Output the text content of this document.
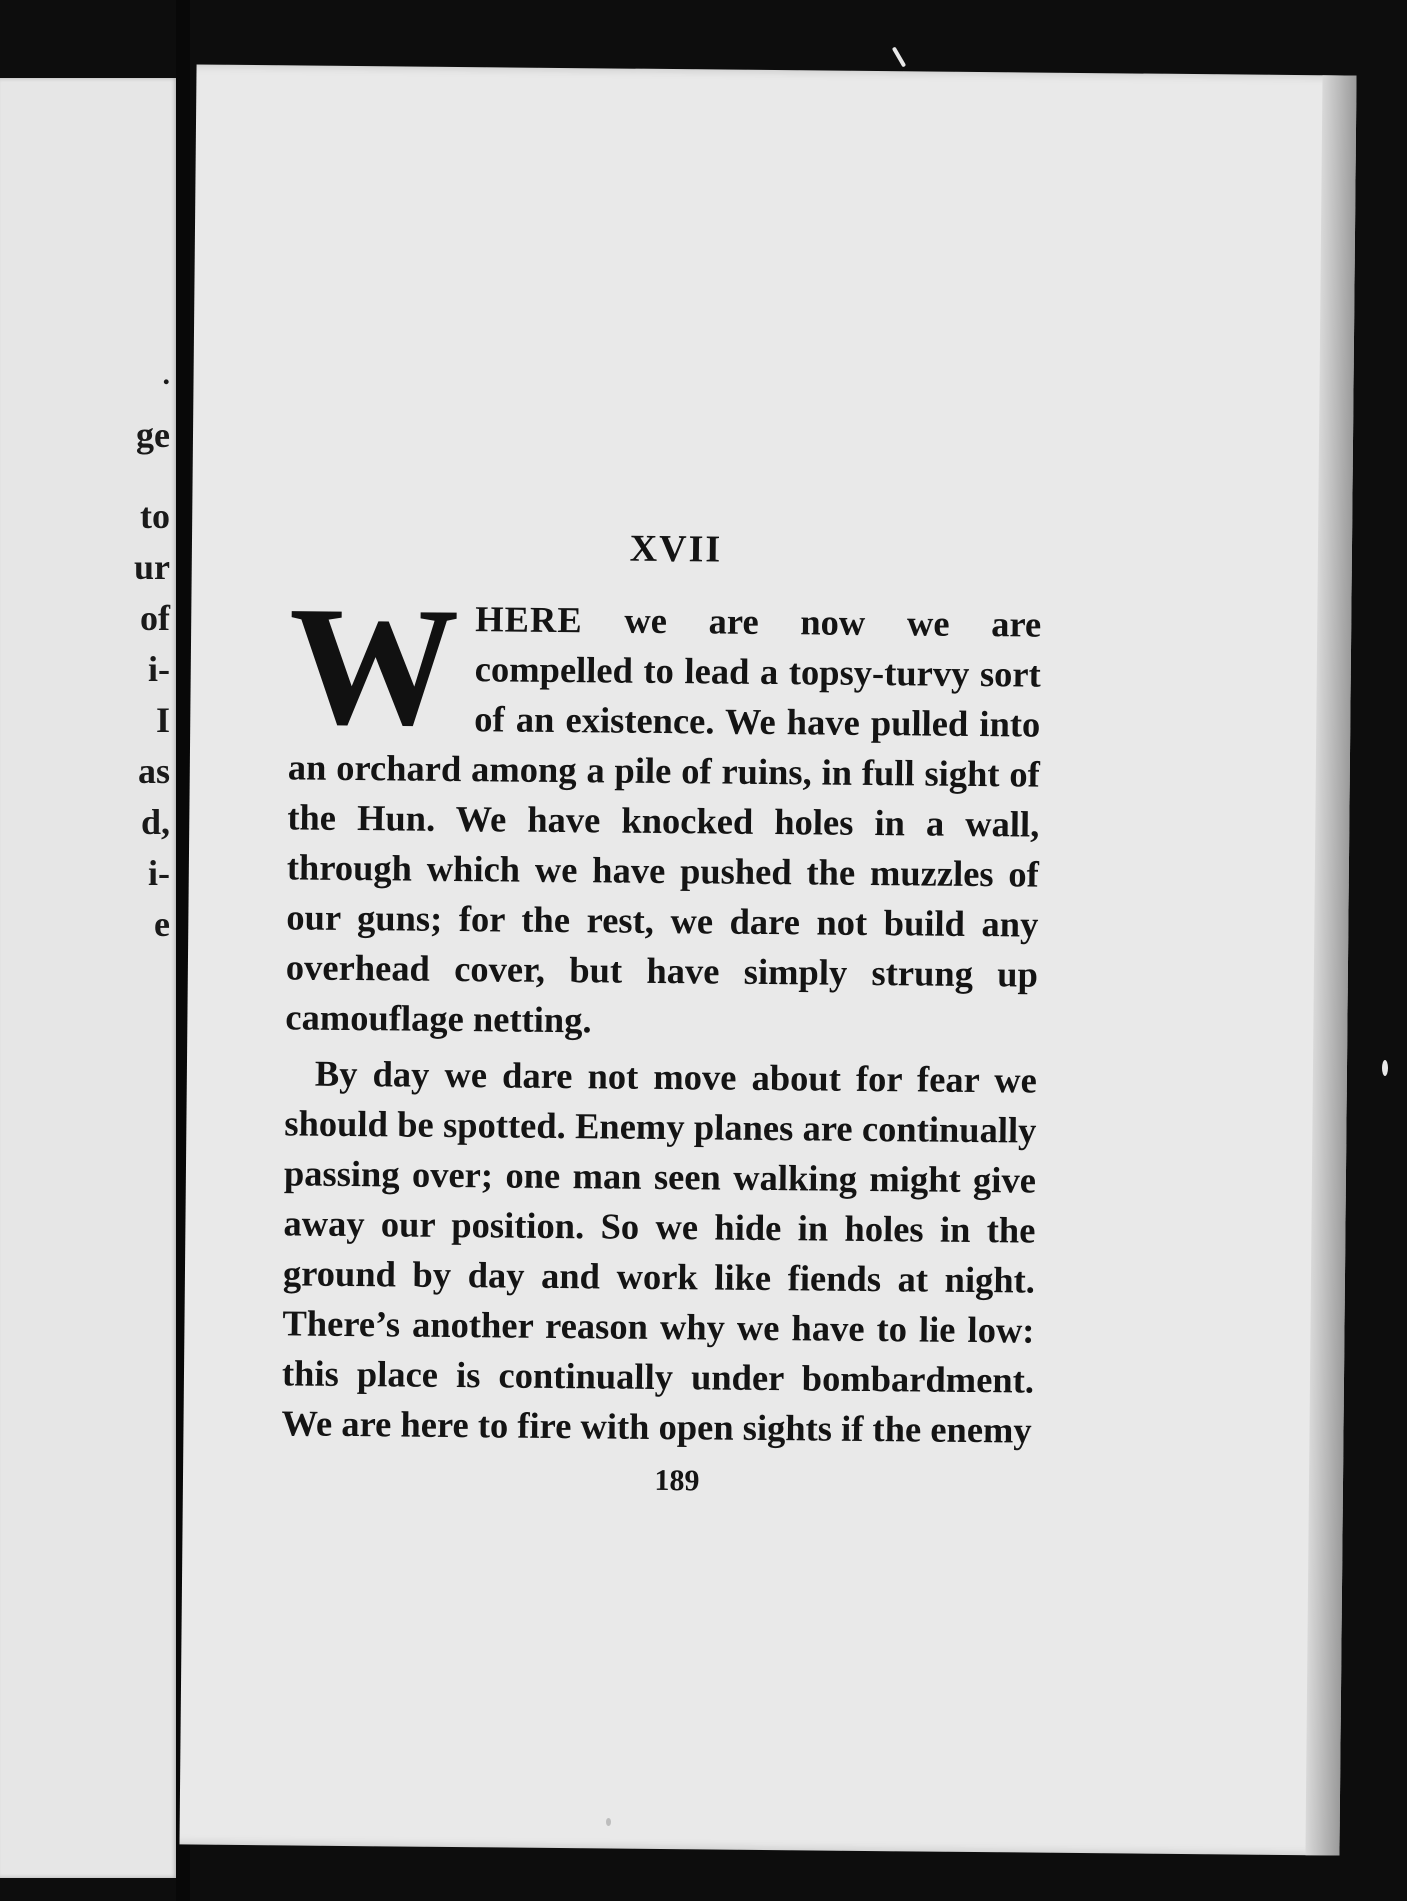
.
ge
to
ur
of
i-
I
as
d,
i-
e
XVII

WHERE we are now we are compelled to lead a topsy-turvy sort of an existence. We have pulled into an orchard among a pile of ruins, in full sight of the Hun. We have knocked holes in a wall, through which we have pushed the muzzles of our guns; for the rest, we dare not build any overhead cover, but have simply strung up camouflage netting.

By day we dare not move about for fear we should be spotted. Enemy planes are continually passing over; one man seen walking might give away our position. So we hide in holes in the ground by day and work like fiends at night. There’s another reason why we have to lie low: this place is continually under bombardment. We are here to fire with open sights if the enemy

189
